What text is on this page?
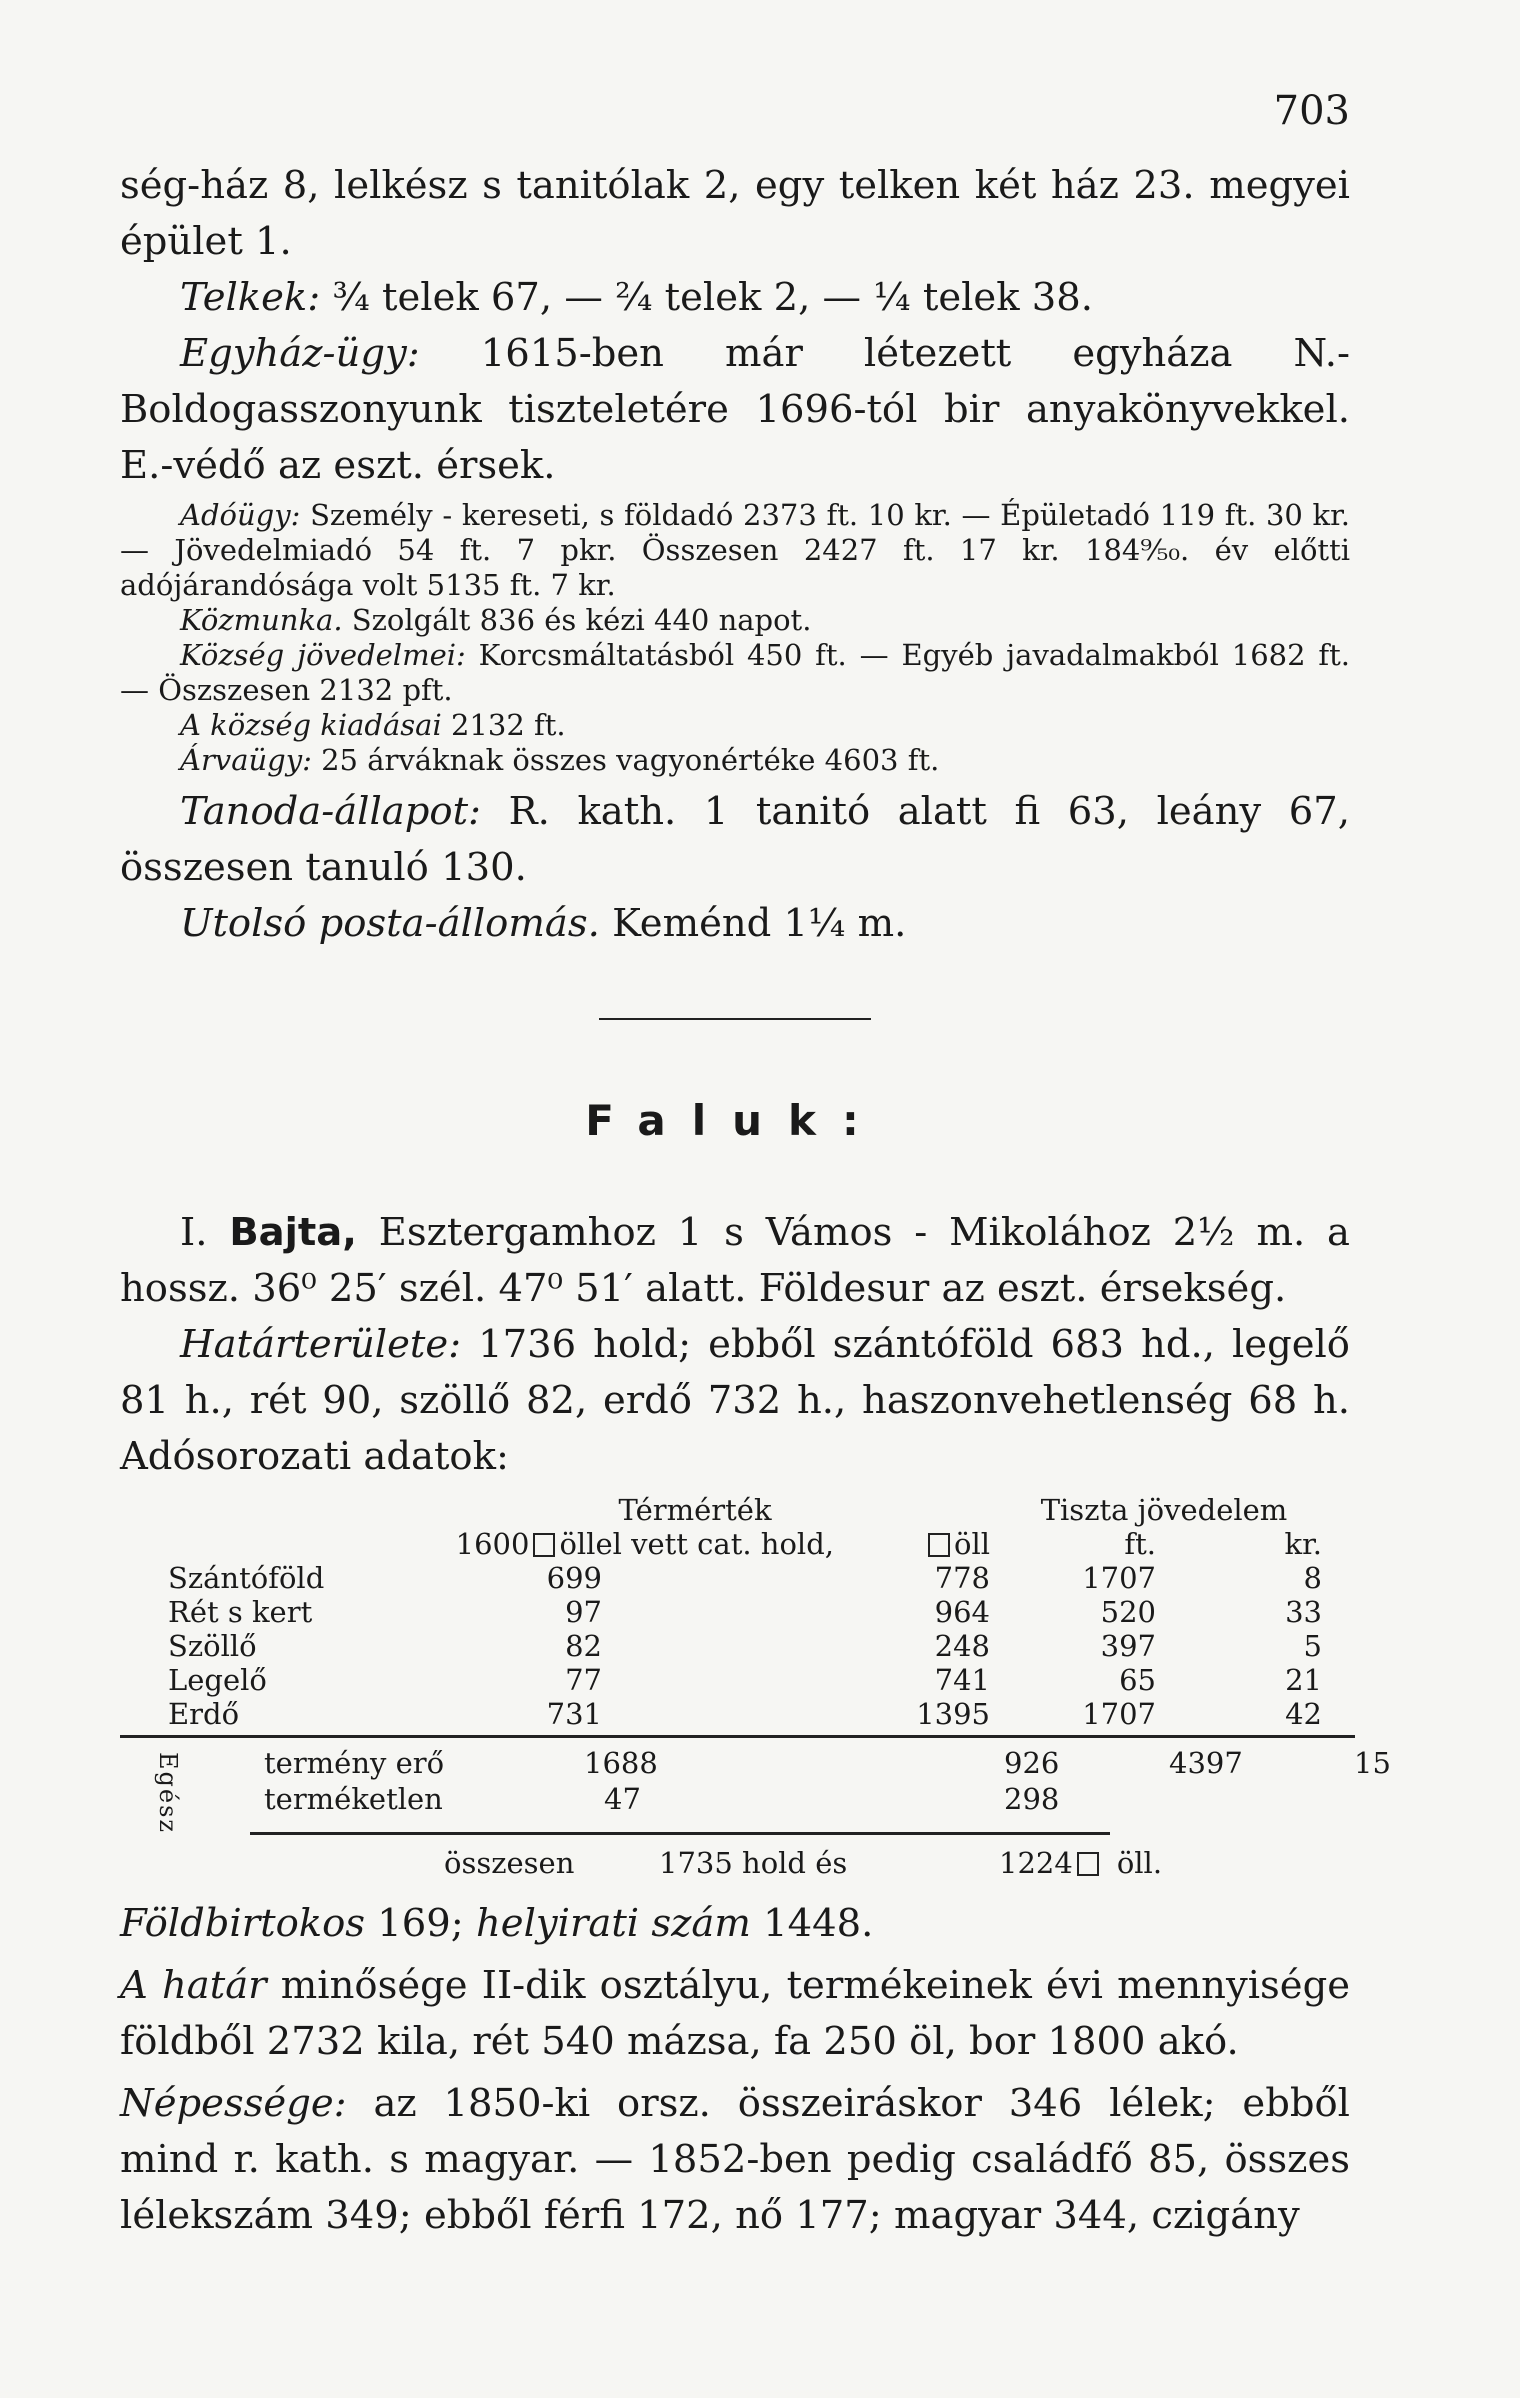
703

ség-ház 8, lelkész s tanitólak 2, egy telken két ház 23. megyei épület 1.

Telkek: ¾ telek 67, — ²⁄₄ telek 2, — ¼ telek 38.

Egyház-ügy: 1615-ben már létezett egyháza N.-Boldogasszonyunk tiszteletére 1696-tól bir anyakönyvekkel. E.-védő az eszt. érsek.

Adóügy: Személy - kereseti, s földadó 2373 ft. 10 kr. — Épületadó 119 ft. 30 kr. — Jövedelmiadó 54 ft. 7 pkr. Összesen 2427 ft. 17 kr. 184⁹⁄₅₀. év előtti adójárandósága volt 5135 ft. 7 kr.

Közmunka. Szolgált 836 és kézi 440 napot.

Község jövedelmei: Korcsmáltatásból 450 ft. — Egyéb javadalmakból 1682 ft. — Öszszesen 2132 pft.

A község kiadásai 2132 ft.

Árvaügy: 25 árváknak összes vagyonértéke 4603 ft.

Tanoda-állapot: R. kath. 1 tanitó alatt fi 63, leány 67, összesen tanuló 130.

Utolsó posta-állomás. Keménd 1¼ m.

Faluk:

I. Bajta, Esztergamhoz 1 s Vámos - Mikolához 2½ m. a hossz. 36⁰ 25′ szél. 47⁰ 51′ alatt. Földesur az eszt. érsekség.

Határterülete: 1736 hold; ebből szántóföld 683 hd., legelő 81 h., rét 90, szöllő 82, erdő 732 h., haszonvehetlenség 68 h. Adósorozati adatok:

	Térmérték		Tiszta jövedelem	
	1600 öllel vett cat. hold,	öll	ft.	kr.
Szántóföld	699	778	1707	8
Rét s kert	97	964	520	33
Szöllő	82	248	397	5
Legelő	77	741	65	21
Erdő	731	1395	1707	42
Egész	termény erő	1688	926	4397	15
terméketlen	47	298
összesen	1735 hold és	1224 öll.

Földbirtokos 169; helyirati szám 1448.

A határ minősége II-dik osztályu, termékeinek évi mennyisége földből 2732 kila, rét 540 mázsa, fa 250 öl, bor 1800 akó.

Népessége: az 1850-ki orsz. összeiráskor 346 lélek; ebből mind r. kath. s magyar. — 1852-ben pedig családfő 85, összes lélekszám 349; ebből férfi 172, nő 177; magyar 344, czigány
